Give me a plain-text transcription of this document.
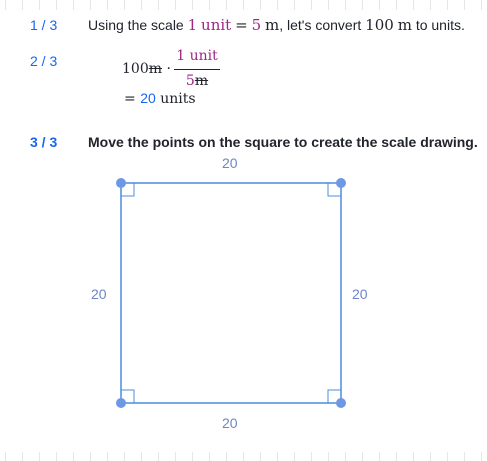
1 / 3 Using the scale 1 unit = 5 m, let's convert 100 m to units.
2 / 3	100m ·
1 unit
5m
= 20 units
3 / 3 Move the points on the square to create the scale drawing.
20
20	20
20
